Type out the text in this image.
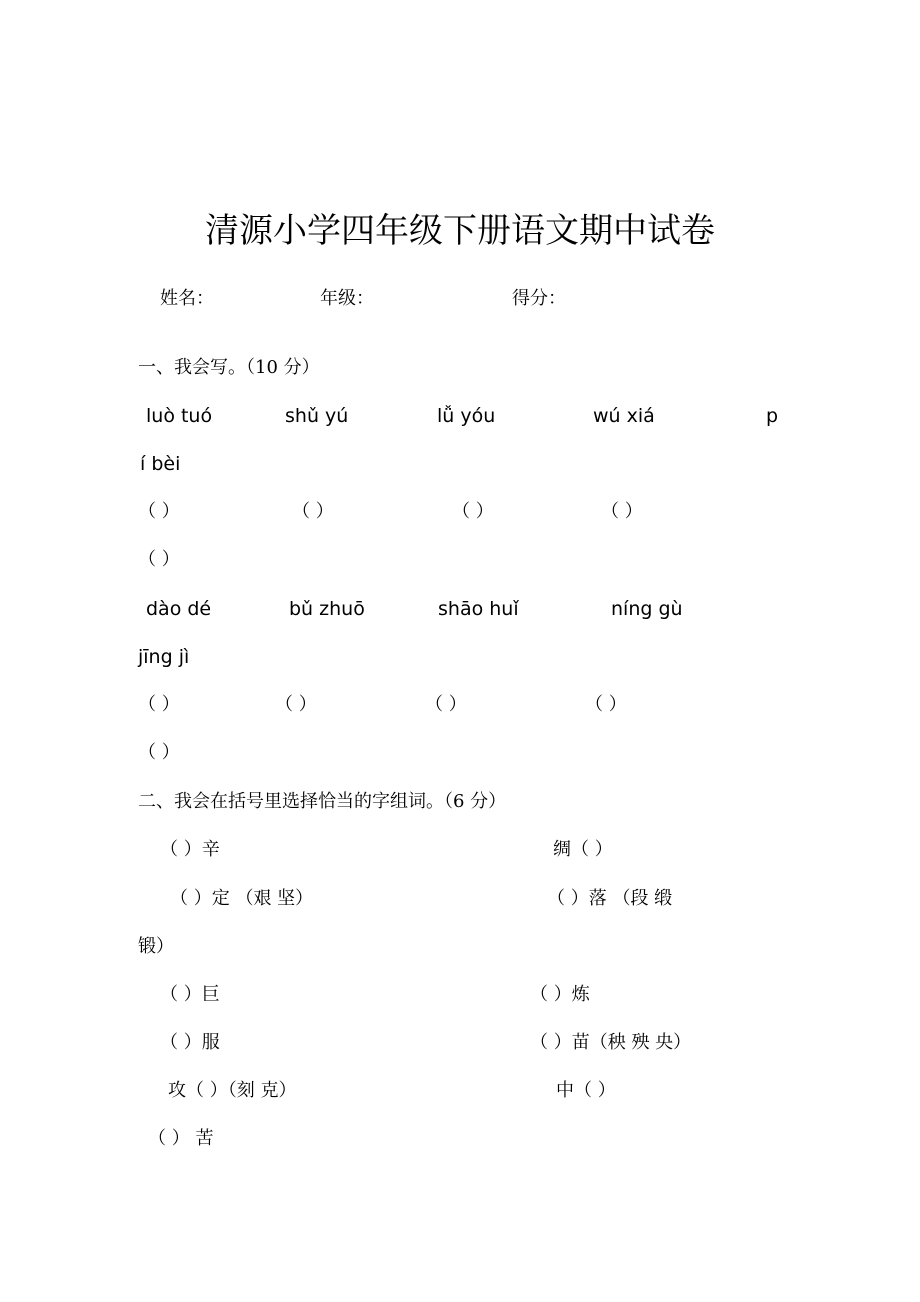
清源小学四年级下册语文期中试卷
姓名：	年级：	得分：
一、我会写。（10 分）
luò tuó	shǔ yú	lǚ yóu	wú xiá	p
í bèi
（ ）	（ ）	（ ）	（ ）
（ ）
dào dé	bǔ zhuō	shāo huǐ	níng gù
jīng jì
（ ）	（ ）	（ ）	（ ）
（ ）
二、我会在括号里选择恰当的字组词。（6 分）
（ ）辛	绸（ ）
（ ）定 （艰 坚）	（ ）落 （段 缎
锻）
（ ）巨	（ ）炼
（ ）服	（ ）苗（秧 殃 央）
攻（ ）（刻 克）	中（ ）
（ ） 苦
